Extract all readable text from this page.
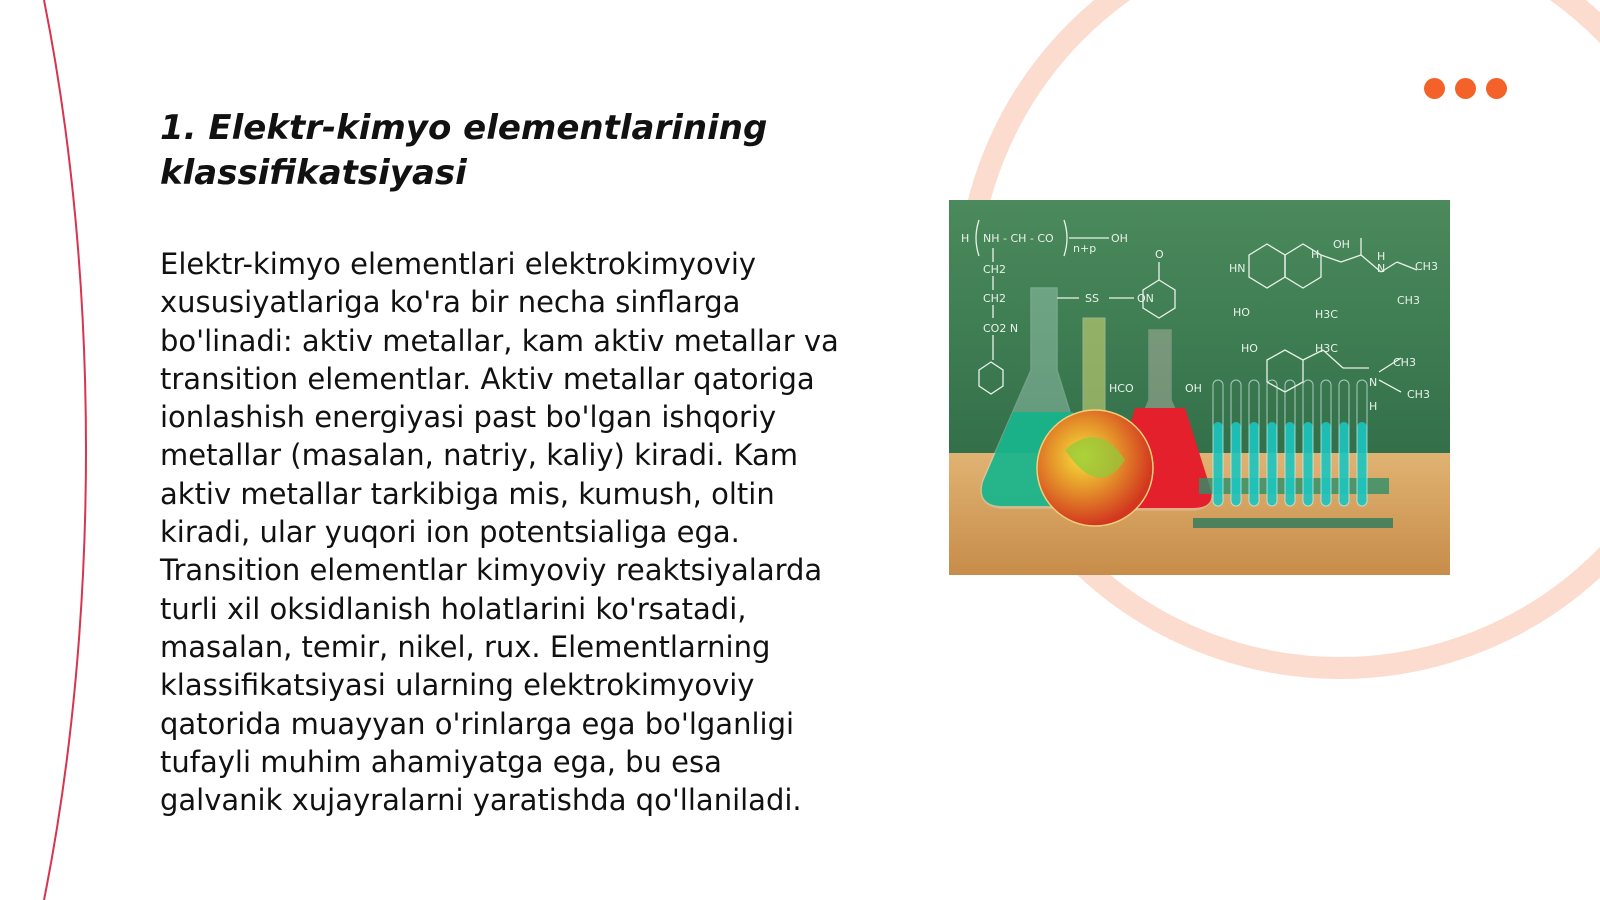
1. Elektr-kimyo elementlarining klassifikatsiyasi

Elektr-kimyo elementlari elektrokimyoviy xususiyatlariga ko'ra bir necha sinflarga bo'linadi: aktiv metallar, kam aktiv metallar va transition elementlar. Aktiv metallar qatoriga ionlashish energiyasi past bo'lgan ishqoriy metallar (masalan, natriy, kaliy) kiradi. Kam aktiv metallar tarkibiga mis, kumush, oltin kiradi, ular yuqori ion potentsialiga ega. Transition elementlar kimyoviy reaktsiyalarda turli xil oksidlanish holatlarini ko'rsatadi, masalan, temir, nikel, rux. Elementlarning klassifikatsiyasi ularning elektrokimyoviy qatorida muayyan o'rinlarga ega bo'lganligi tufayli muhim ahamiyatga ega, bu esa galvanik xujayralarni yaratishda qo'llaniladi.

H NH - CH - CO
n+p
OH
CH2
CH2
CO2 N
SS	ON
O
HN
HO
H
OH
H
N	CH3
H3C
CH3
HO	H3C
CH3
N
H
CH3
HCO	OH
